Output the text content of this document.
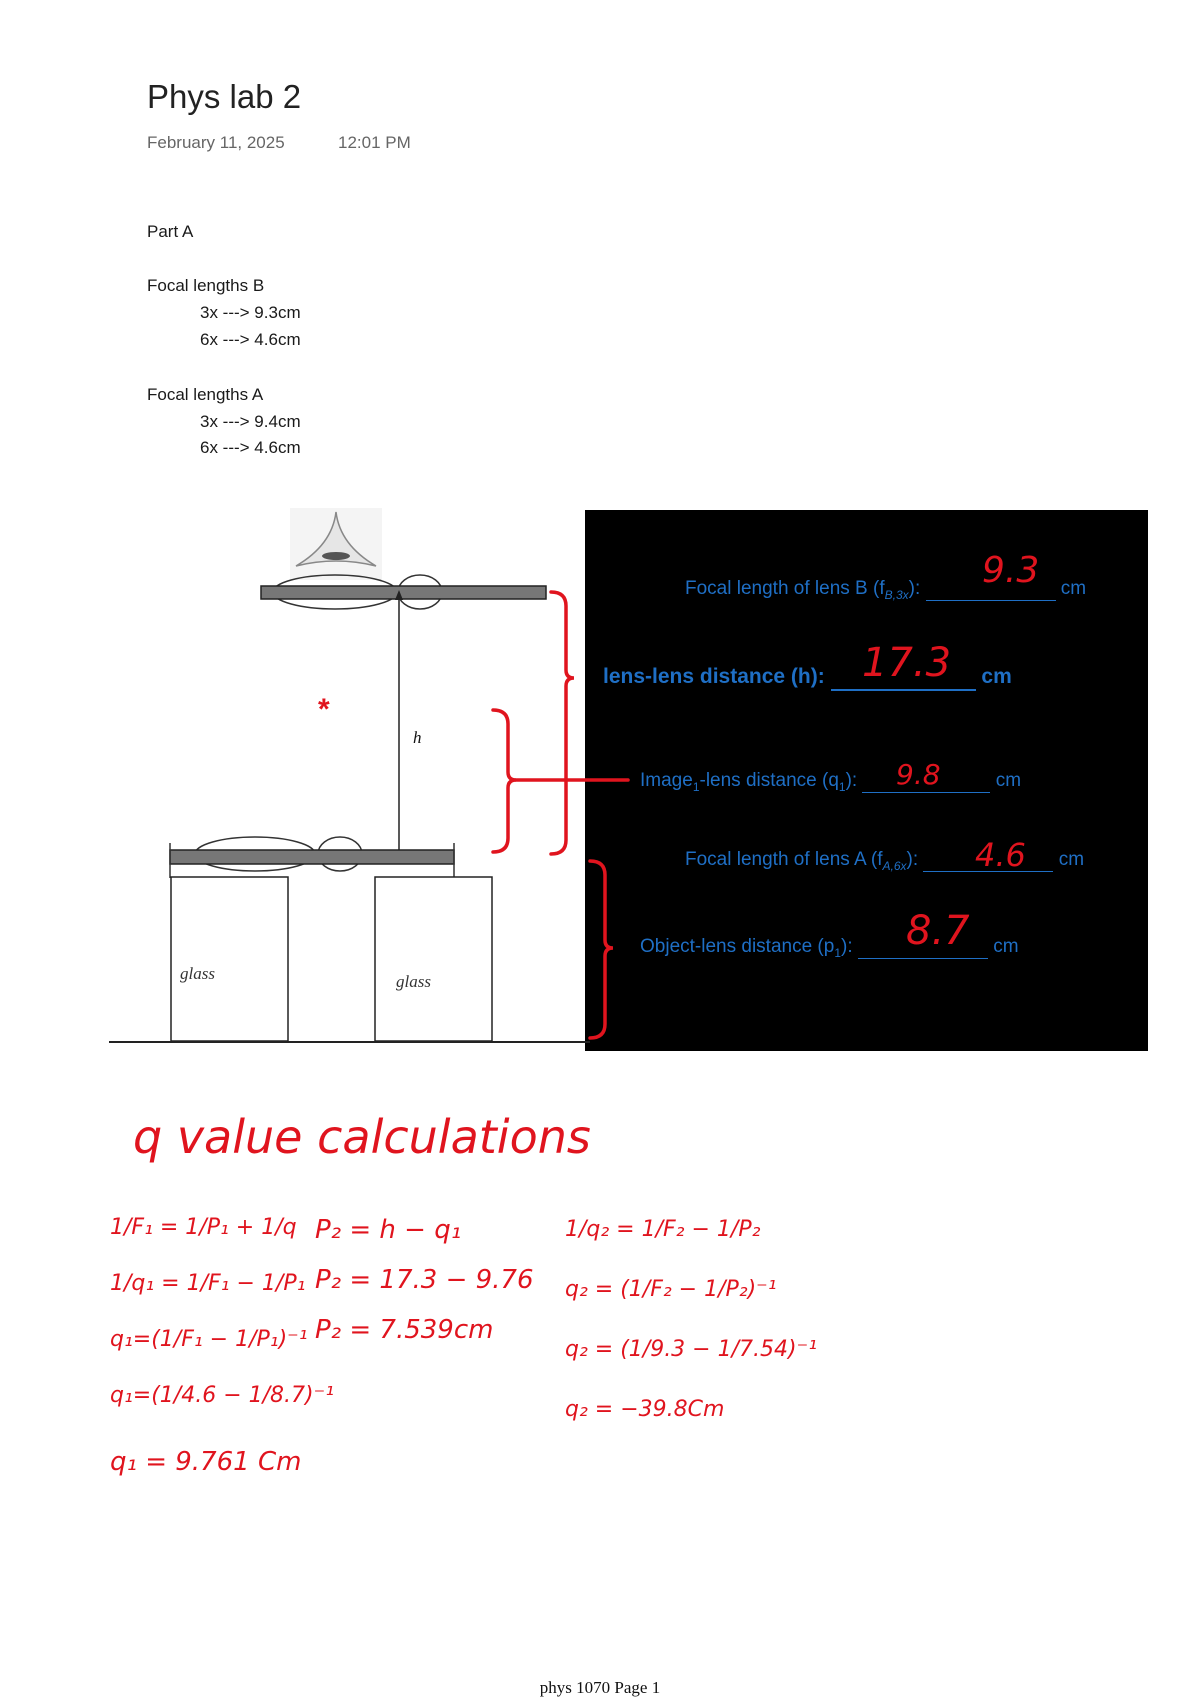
Phys lab 2
February 11, 2025	12:01 PM
Part A
Focal lengths B
3x ---> 9.3cm
6x ---> 4.6cm
Focal lengths A
3x ---> 9.4cm
6x ---> 4.6cm
h
glass	glass
*
Focal length of lens B $(f_{B,3x})$:	cm
9.3
lens-lens distance (h):	cm
17.3
Image$_1$-lens distance $(q_1)$:	cm
9.8
Focal length of lens A $(f_{A,6x})$:	cm
4.6
Object-lens distance $(p_1)$:	cm
8.7
q value calculations
1/F₁ = 1/P₁ + 1/q
1/q₁ = 1/F₁ − 1/P₁
q₁=(1/F₁ − 1/P₁)⁻¹
q₁=(1/4.6 − 1/8.7)⁻¹
q₁ = 9.761 Cm
P₂ = h − q₁
P₂ = 17.3 − 9.76
P₂ = 7.539cm
1/q₂ = 1/F₂ − 1/P₂
q₂ = (1/F₂ − 1/P₂)⁻¹
q₂ = (1/9.3 − 1/7.54)⁻¹
q₂ = −39.8Cm
phys 1070 Page 1
